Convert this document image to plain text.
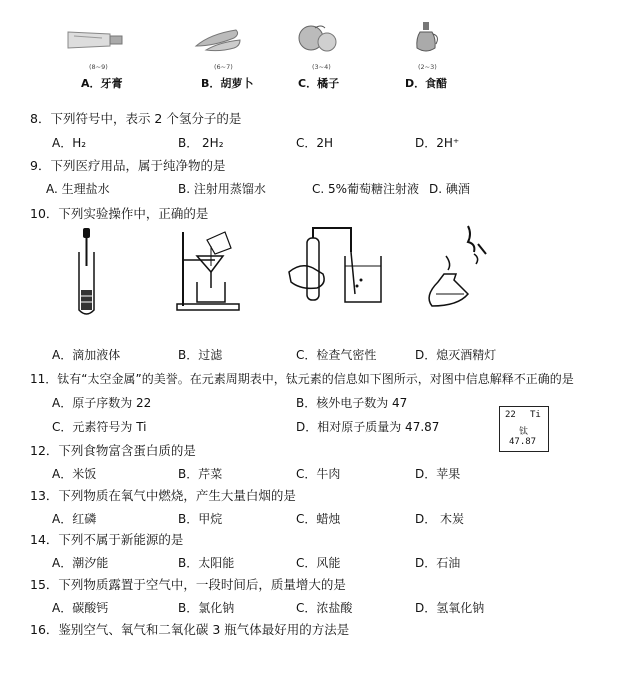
(8~9)	(6~7)	(3~4)	(2~3)
A．牙膏	B．胡萝卜	C．橘子	D．食醋
8．下列符号中，表示 2 个氢分子的是
A．H₂	B． 2H₂	C．2H	D．2H⁺
9．下列医疗用品，属于纯净物的是
A. 生理盐水	B. 注射用蒸馏水	C. 5%葡萄糖注射液 D. 碘酒
10．下列实验操作中，正确的是
A．滴加液体	B．过滤	C．检查气密性	D．熄灭酒精灯
11．钛有“太空金属”的美誉。在元素周期表中，钛元素的信息如下图所示，对图中信息解释不正确的是
A．原子序数为 22	B．核外电子数为 47
C．元素符号为 Ti	D．相对原子质量为 47.87
22 Ti
钛
47.87
12．下列食物富含蛋白质的是
A．米饭	B．芹菜	C．牛肉	D．苹果
13．下列物质在氧气中燃烧，产生大量白烟的是
A．红磷	B．甲烷	C．蜡烛	D． 木炭
14．下列不属于新能源的是
A．潮汐能	B．太阳能	C．风能	D．石油
15．下列物质露置于空气中，一段时间后，质量增大的是
A．碳酸钙	B．氯化钠	C．浓盐酸	D．氢氧化钠
16．鉴别空气、氧气和二氧化碳 3 瓶气体最好用的方法是
